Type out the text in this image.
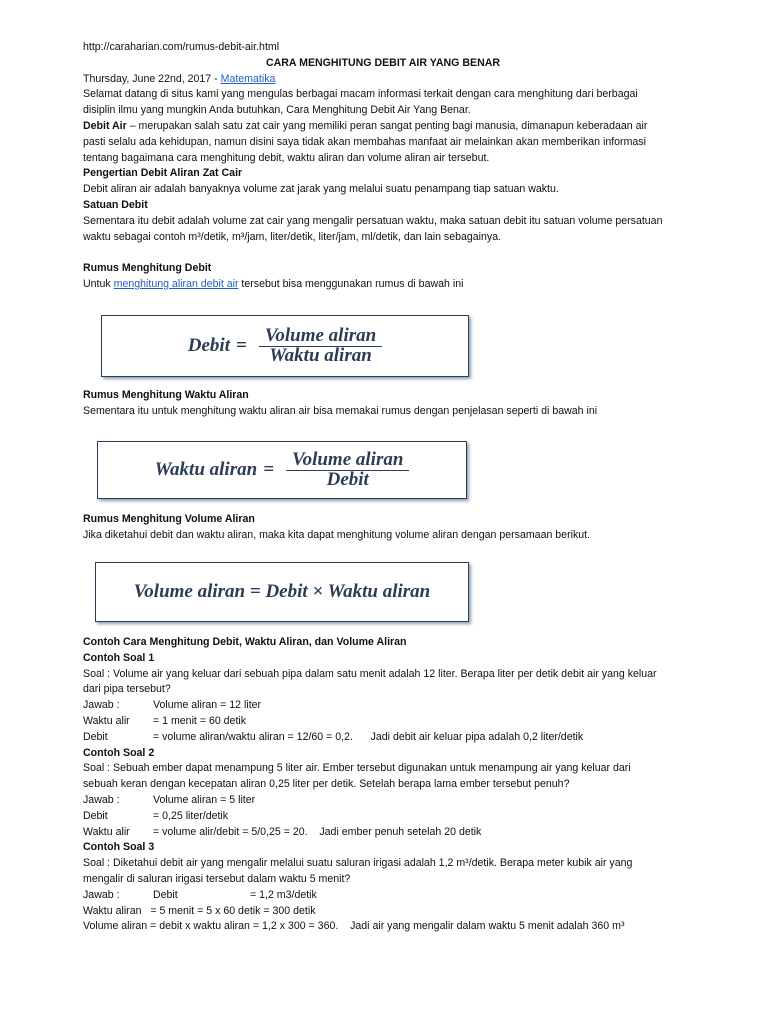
http://caraharian.com/rumus-debit-air.html
CARA MENGHITUNG DEBIT AIR YANG BENAR
Thursday, June 22nd, 2017 - Matematika
Selamat datang di situs kami yang mengulas berbagai macam informasi terkait dengan cara menghitung dari berbagai
disiplin ilmu yang mungkin Anda butuhkan, Cara Menghitung Debit Air Yang Benar.
Debit Air – merupakan salah satu zat cair yang memiliki peran sangat penting bagi manusia, dimanapun keberadaan air
pasti selalu ada kehidupan, namun disini saya tidak akan membahas manfaat air melainkan akan memberikan informasi
tentang bagaimana cara menghitung debit, waktu aliran dan volume aliran air tersebut.
Pengertian Debit Aliran Zat Cair
Debit aliran air adalah banyaknya volume zat jarak yang melalui suatu penampang tiap satuan waktu.
Satuan Debit
Sementara itu debit adalah volume zat cair yang mengalir persatuan waktu, maka satuan debit itu satuan volume persatuan
waktu sebagai contoh m³/detik, m³/jam, liter/detik, liter/jam, ml/detik, dan lain sebagainya.
Rumus Menghitung Debit
Untuk menghitung aliran debit air tersebut bisa menggunakan rumus di bawah ini
Debit = $\frac{\text{Volume aliran}}{\text{Waktu aliran}}$
Rumus Menghitung Waktu Aliran
Sementara itu untuk menghitung waktu aliran air bisa memakai rumus dengan penjelasan seperti di bawah ini
Waktu aliran = $\frac{\text{Volume aliran}}{\text{Debit}}$
Rumus Menghitung Volume Aliran
Jika diketahui debit dan waktu aliran, maka kita dapat menghitung volume aliran dengan persamaan berikut.
Volume aliran = Debit × Waktu aliran
Contoh Cara Menghitung Debit, Waktu Aliran, dan Volume Aliran
Contoh Soal 1
Soal : Volume air yang keluar dari sebuah pipa dalam satu menit adalah 12 liter. Berapa liter per detik debit air yang keluar
dari pipa tersebut?
Jawab :	Volume aliran = 12 liter
Waktu alir = 1 menit = 60 detik
Debit	= volume aliran/waktu aliran = 12/60 = 0,2.      Jadi debit air keluar pipa adalah 0,2 liter/detik
Contoh Soal 2
Soal : Sebuah ember dapat menampung 5 liter air. Ember tersebut digunakan untuk menampung air yang keluar dari
sebuah keran dengan kecepatan aliran 0,25 liter per detik. Setelah berapa lama ember tersebut penuh?
Jawab :	Volume aliran = 5 liter
Debit	= 0,25 liter/detik
Waktu alir = volume alir/debit = 5/0,25 = 20.    Jadi ember penuh setelah 20 detik
Contoh Soal 3
Soal : Diketahui debit air yang mengalir melalui suatu saluran irigasi adalah 1,2 m³/detik. Berapa meter kubik air yang
mengalir di saluran irigasi tersebut dalam waktu 5 menit?
Jawab :	Debit	= 1,2 m3/detik
Waktu aliran   = 5 menit = 5 x 60 detik = 300 detik
Volume aliran = debit x waktu aliran = 1,2 x 300 = 360.    Jadi air yang mengalir dalam waktu 5 menit adalah 360 m³
